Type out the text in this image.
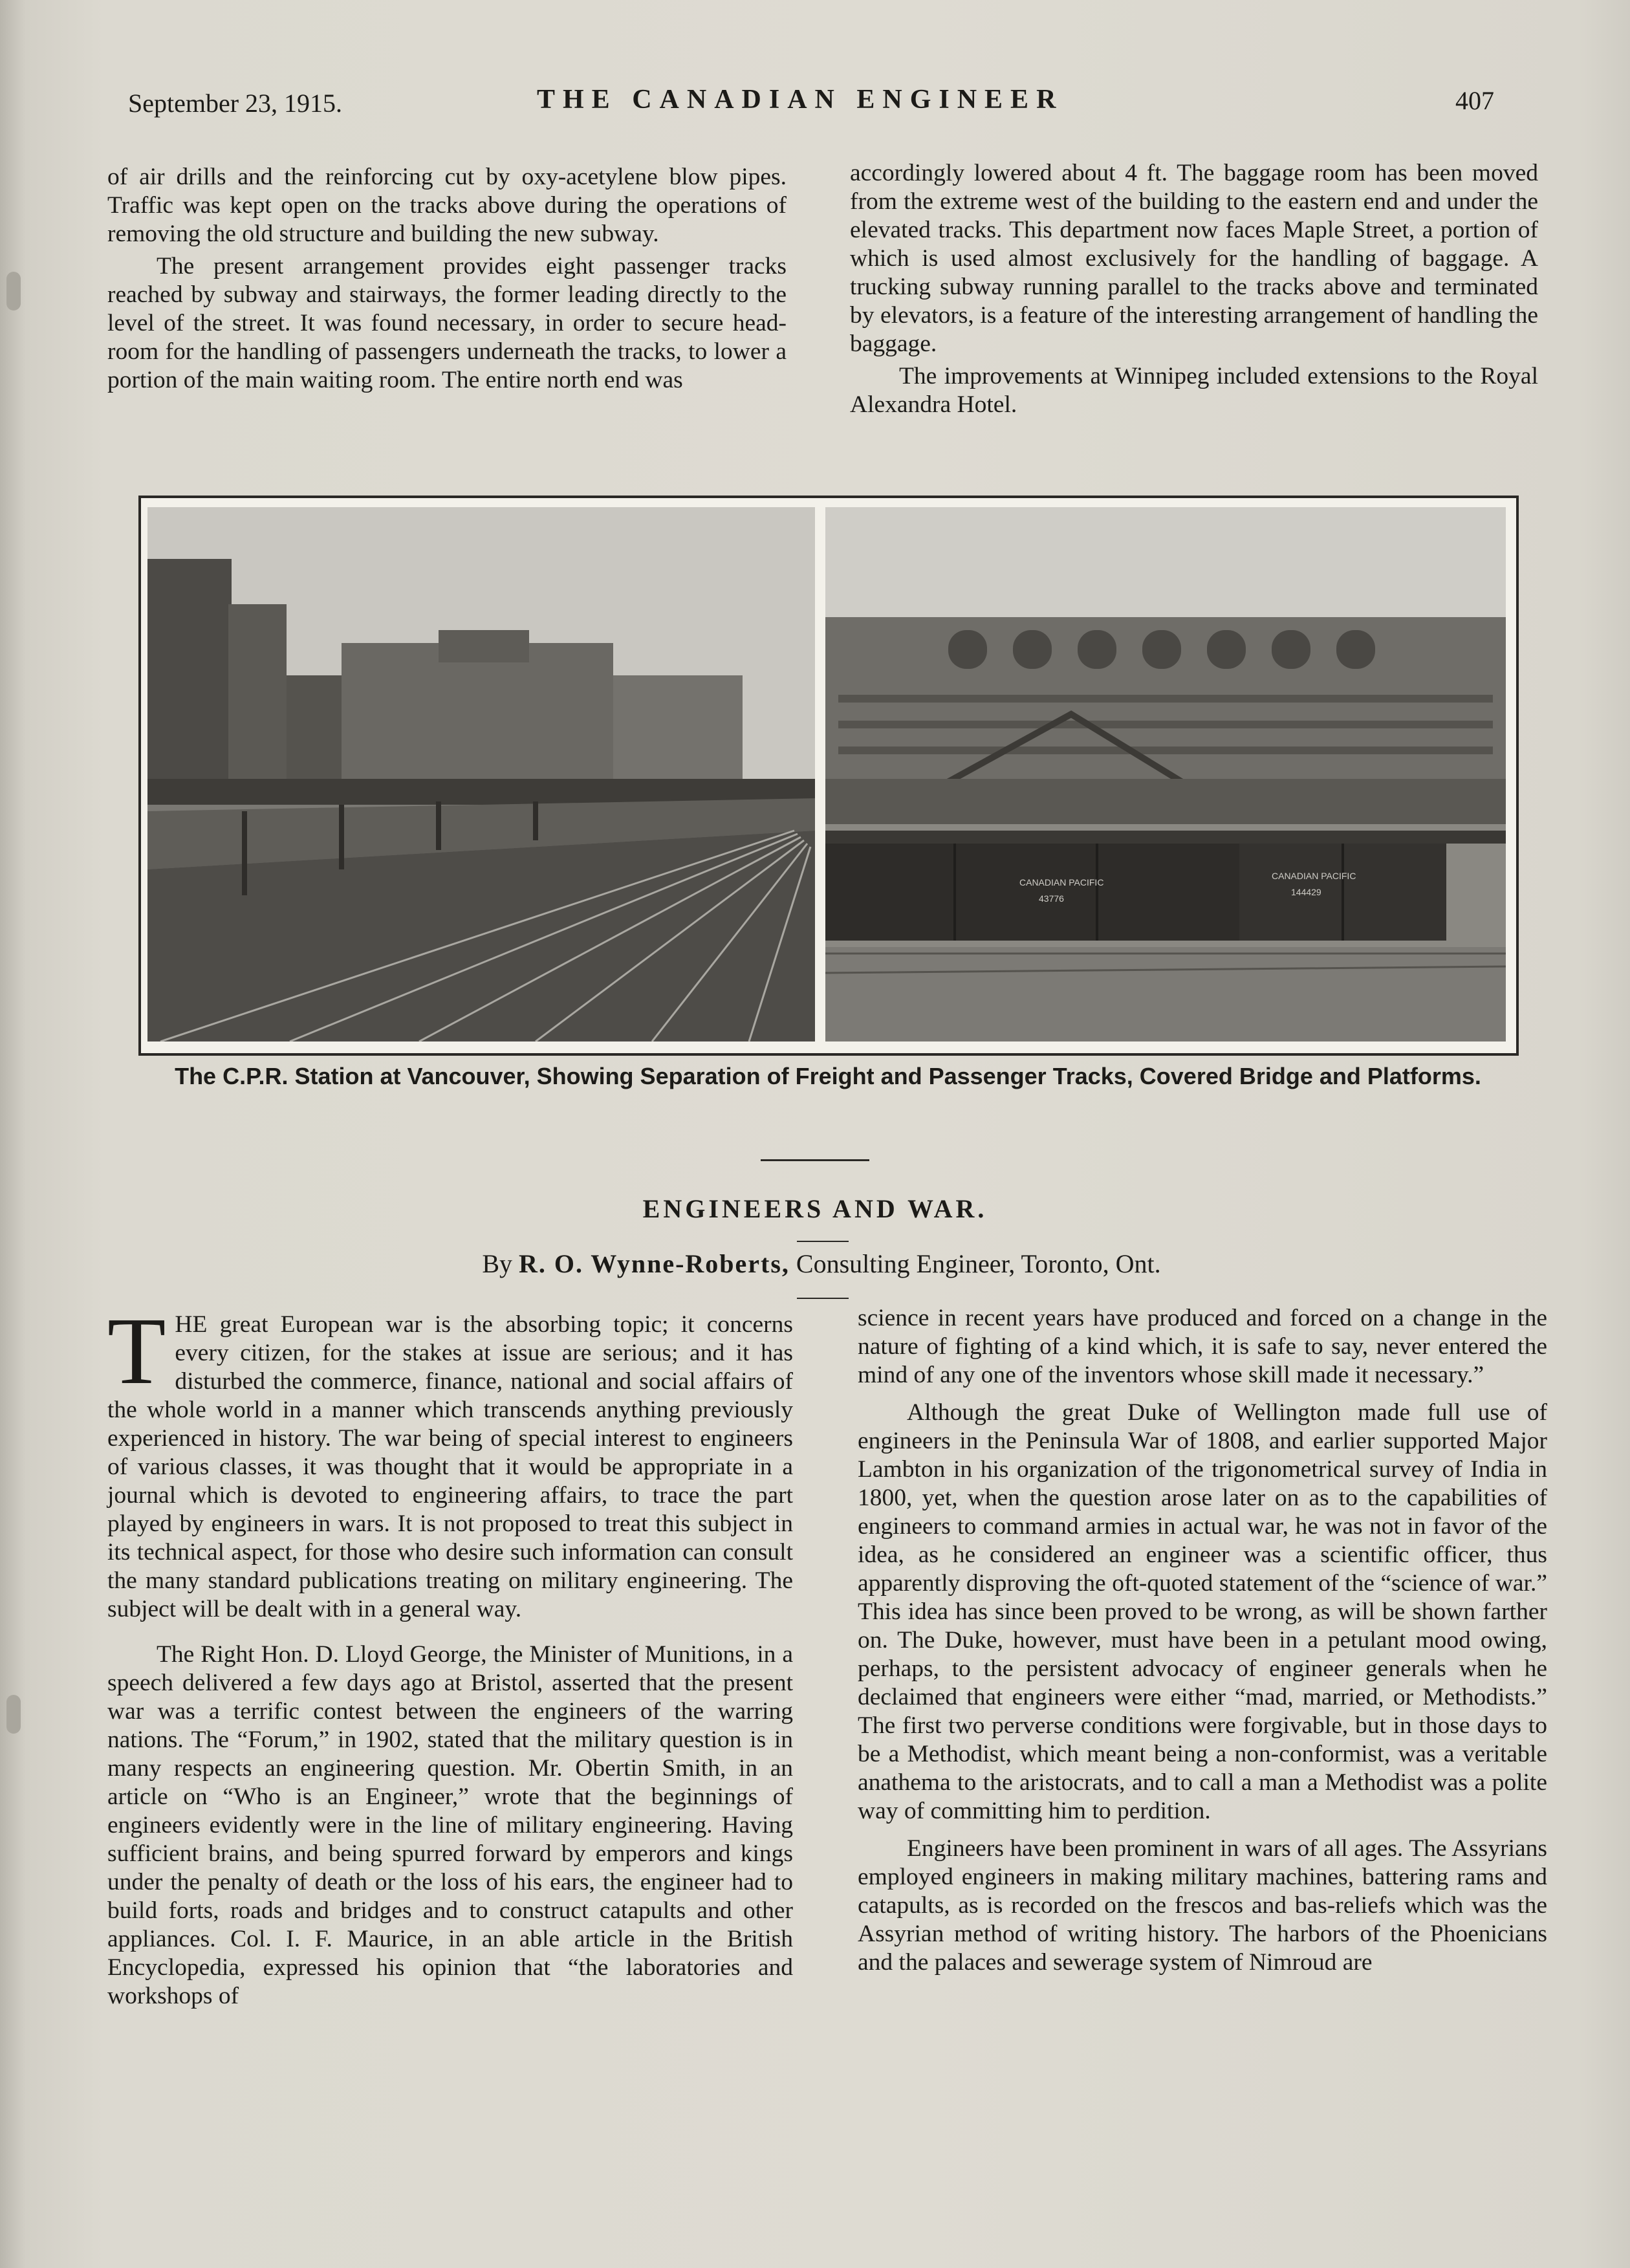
September 23, 1915.	THE CANADIAN ENGINEER	407

of air drills and the reinforcing cut by oxy-acetylene blow pipes. Traffic was kept open on the tracks above during the operations of removing the old structure and building the new subway.

The present arrangement provides eight passenger tracks reached by subway and stairways, the former leading directly to the level of the street. It was found necessary, in order to secure head-room for the handling of passengers underneath the tracks, to lower a portion of the main waiting room. The entire north end was

accordingly lowered about 4 ft. The baggage room has been moved from the extreme west of the building to the eastern end and under the elevated tracks. This department now faces Maple Street, a portion of which is used almost exclusively for the handling of baggage. A trucking subway running parallel to the tracks above and terminated by elevators, is a feature of the interesting arrangement of handling the baggage.

The improvements at Winnipeg included extensions to the Royal Alexandra Hotel.

CANADIAN PACIFIC
43776
CANADIAN PACIFIC
144429
The C.P.R. Station at Vancouver, Showing Separation of Freight and Passenger Tracks, Covered Bridge and Platforms.
ENGINEERS AND WAR.
By R. O. Wynne-Roberts, Consulting Engineer, Toronto, Ont.

THE great European war is the absorbing topic; it concerns every citizen, for the stakes at issue are serious; and it has disturbed the commerce, finance, national and social affairs of the whole world in a manner which transcends anything previously experienced in history. The war being of special interest to engineers of various classes, it was thought that it would be appropriate in a journal which is devoted to engineering affairs, to trace the part played by engineers in wars. It is not proposed to treat this subject in its technical aspect, for those who desire such information can consult the many standard publications treating on military engineering. The subject will be dealt with in a general way.

The Right Hon. D. Lloyd George, the Minister of Munitions, in a speech delivered a few days ago at Bristol, asserted that the present war was a terrific contest between the engineers of the warring nations. The “Forum,” in 1902, stated that the military question is in many respects an engineering question. Mr. Obertin Smith, in an article on “Who is an Engineer,” wrote that the beginnings of engineers evidently were in the line of military engineering. Having sufficient brains, and being spurred forward by emperors and kings under the penalty of death or the loss of his ears, the engineer had to build forts, roads and bridges and to construct catapults and other appliances. Col. I. F. Maurice, in an able article in the British Encyclopedia, expressed his opinion that “the laboratories and workshops of

science in recent years have produced and forced on a change in the nature of fighting of a kind which, it is safe to say, never entered the mind of any one of the inventors whose skill made it necessary.”

Although the great Duke of Wellington made full use of engineers in the Peninsula War of 1808, and earlier supported Major Lambton in his organization of the trigonometrical survey of India in 1800, yet, when the question arose later on as to the capabilities of engineers to command armies in actual war, he was not in favor of the idea, as he considered an engineer was a scientific officer, thus apparently disproving the oft-quoted statement of the “science of war.” This idea has since been proved to be wrong, as will be shown farther on. The Duke, however, must have been in a petulant mood owing, perhaps, to the persistent advocacy of engineer generals when he declaimed that engineers were either “mad, married, or Methodists.” The first two perverse conditions were forgivable, but in those days to be a Methodist, which meant being a non-conformist, was a veritable anathema to the aristocrats, and to call a man a Methodist was a polite way of committing him to perdition.

Engineers have been prominent in wars of all ages. The Assyrians employed engineers in making military machines, battering rams and catapults, as is recorded on the frescos and bas-reliefs which was the Assyrian method of writing history. The harbors of the Phoenicians and the palaces and sewerage system of Nimroud are
